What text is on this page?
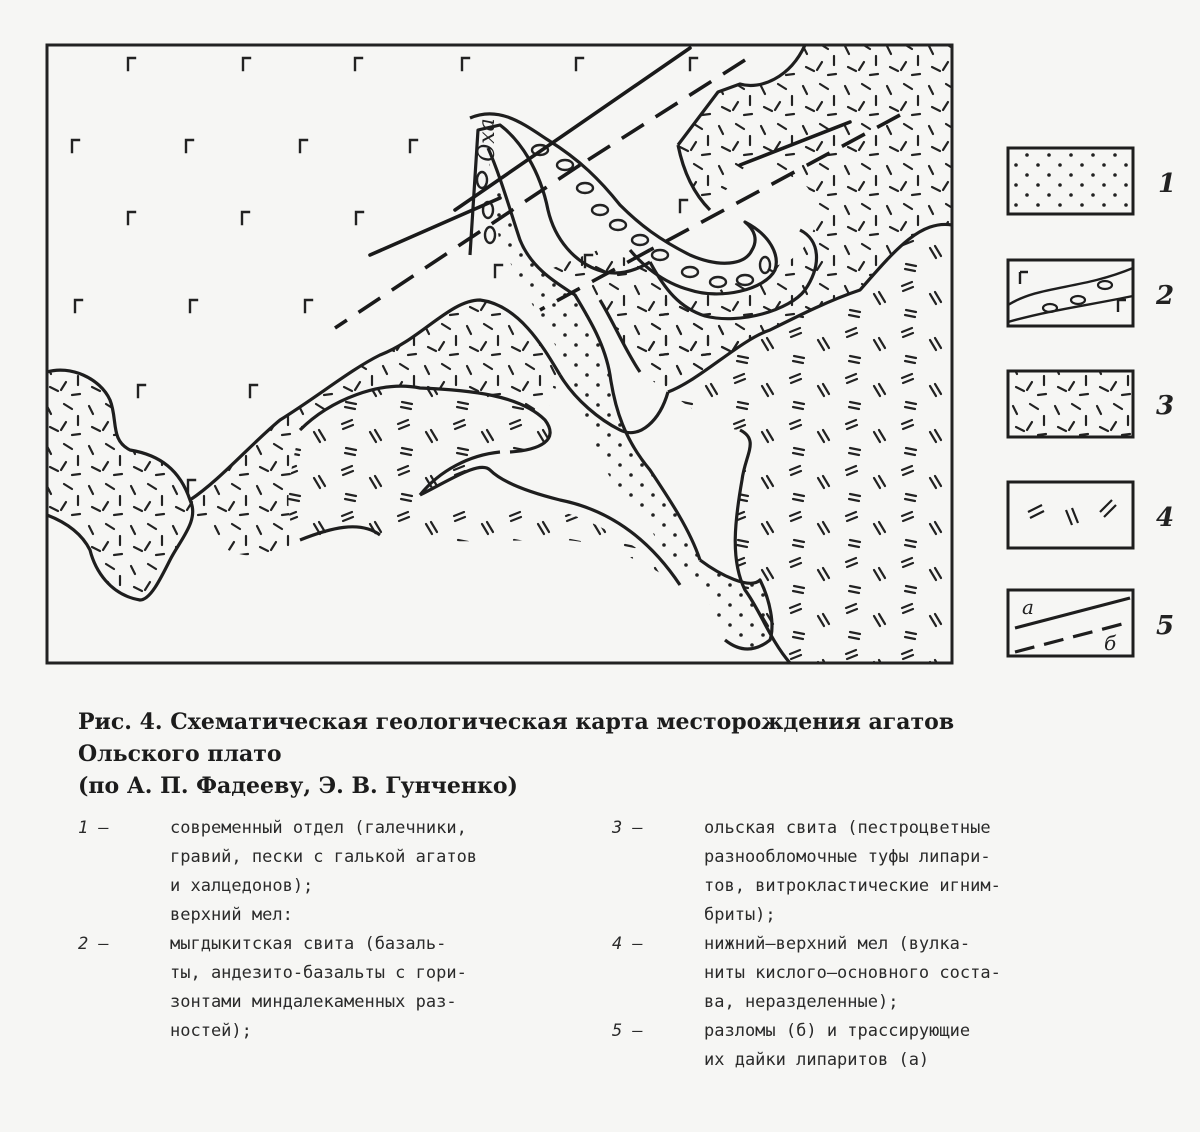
Оха
а
б
1
2
3
4
5
Рис. 4. Схематическая геологическая карта месторождения агатов
Ольского плато
(по А. П. Фадееву, Э. В. Гунченко)
1 —	современный отдел (галечники,
гравий, пески с галькой агатов
и халцедонов);
верхний мел:
2 —	мыгдыкитская свита (базаль-
ты, андезито-базальты с гори-
зонтами миндалекаменных раз-
ностей);
3 —	ольская свита (пестроцветные
разнообломочные туфы липари-
тов, витрокластические игним-
бриты);
4 —	нижний—верхний мел (вулка-
ниты кислого—основного соста-
ва, неразделенные);
5 —	разломы (б) и трассирующие
их дайки липаритов (а)
